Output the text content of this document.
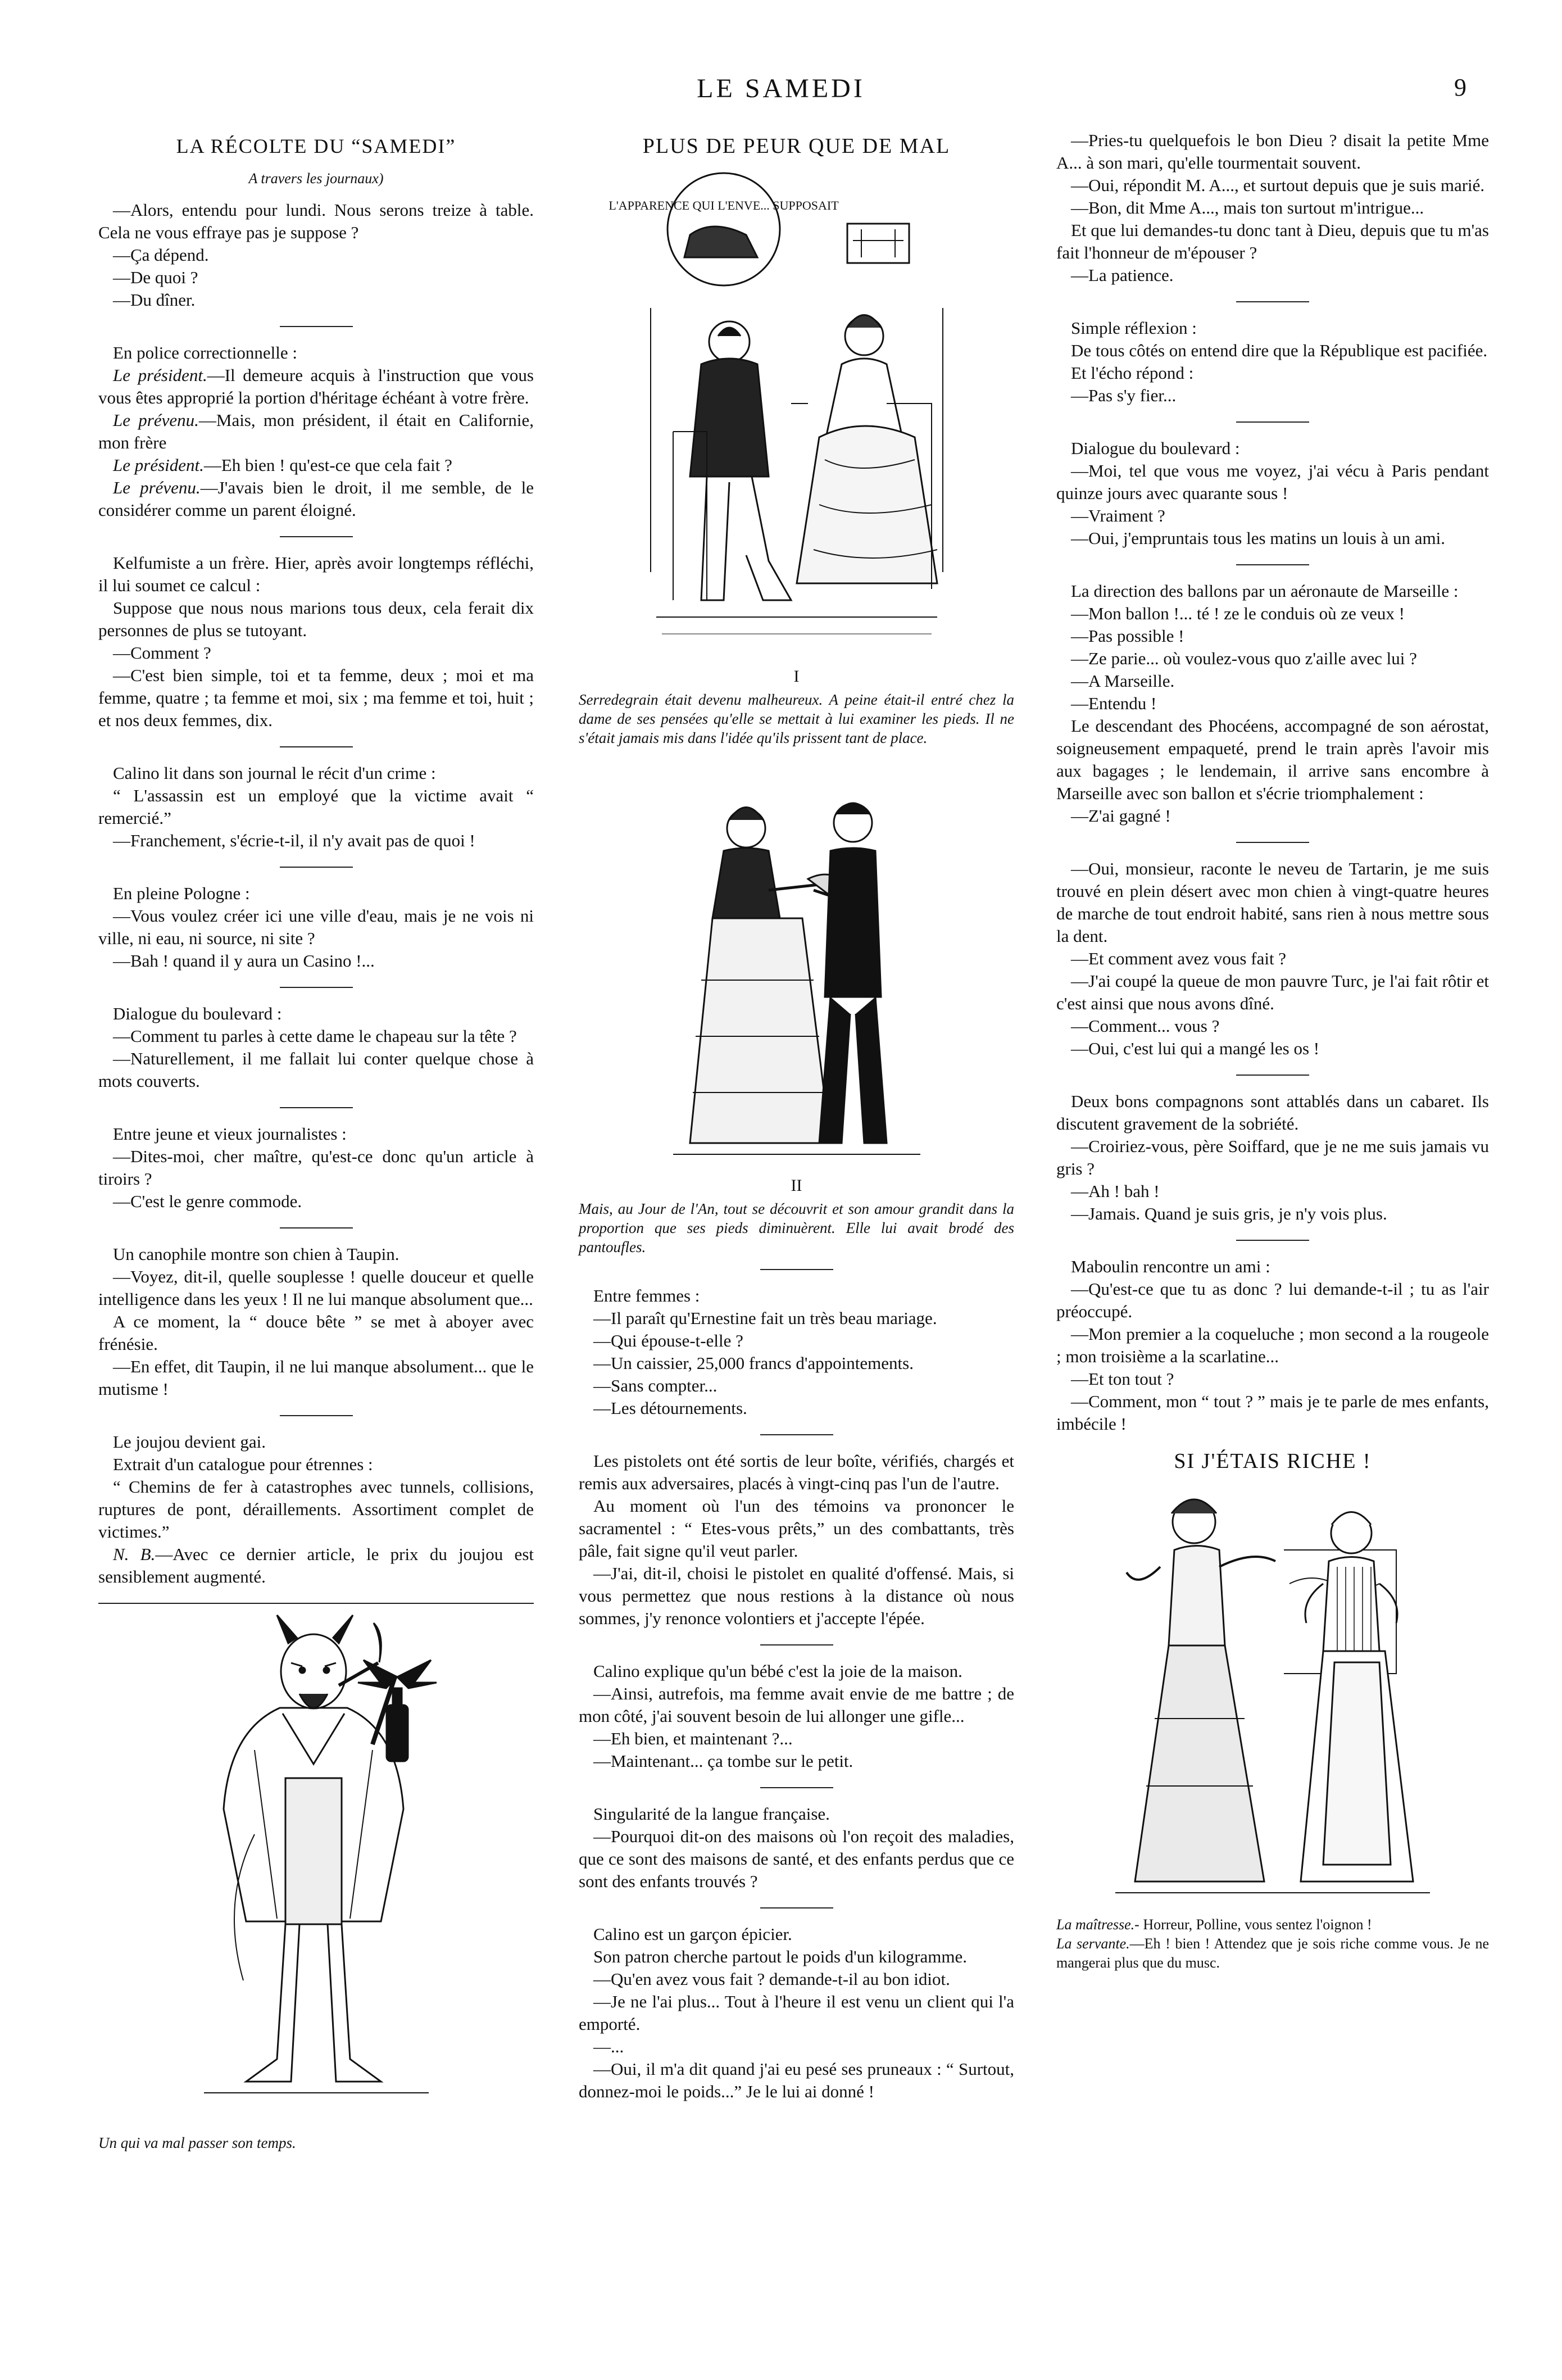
LE SAMEDI	9
LA RÉCOLTE DU “SAMEDI”
A travers les journaux)

—Alors, entendu pour lundi. Nous serons treize à table. Cela ne vous effraye pas je suppose ?

—Ça dépend.

—De quoi ?

—Du dîner.

En police correctionnelle :

Le président.—Il demeure acquis à l'instruction que vous vous êtes approprié la portion d'héritage échéant à votre frère.

Le prévenu.—Mais, mon président, il était en Californie, mon frère

Le président.—Eh bien ! qu'est-ce que cela fait ?

Le prévenu.—J'avais bien le droit, il me semble, de le considérer comme un parent éloigné.

Kelfumiste a un frère. Hier, après avoir longtemps réfléchi, il lui soumet ce calcul :

Suppose que nous nous marions tous deux, cela ferait dix personnes de plus se tutoyant.

—Comment ?

—C'est bien simple, toi et ta femme, deux ; moi et ma femme, quatre ; ta femme et moi, six ; ma femme et toi, huit ; et nos deux femmes, dix.

Calino lit dans son journal le récit d'un crime :

“ L'assassin est un employé que la victime avait “ remercié.”

—Franchement, s'écrie-t-il, il n'y avait pas de quoi !

En pleine Pologne :

—Vous voulez créer ici une ville d'eau, mais je ne vois ni ville, ni eau, ni source, ni site ?

—Bah ! quand il y aura un Casino !...

Dialogue du boulevard :

—Comment tu parles à cette dame le chapeau sur la tête ?

—Naturellement, il me fallait lui conter quelque chose à mots couverts.

Entre jeune et vieux journalistes :

—Dites-moi, cher maître, qu'est-ce donc qu'un article à tiroirs ?

—C'est le genre commode.

Un canophile montre son chien à Taupin.

—Voyez, dit-il, quelle souplesse ! quelle douceur et quelle intelligence dans les yeux ! Il ne lui manque absolument que...

A ce moment, la “ douce bête ” se met à aboyer avec frénésie.

—En effet, dit Taupin, il ne lui manque absolument... que le mutisme !

Le joujou devient gai.

Extrait d'un catalogue pour étrennes :

“ Chemins de fer à catastrophes avec tunnels, collisions, ruptures de pont, déraillements. Assortiment complet de victimes.”

N. B.—Avec ce dernier article, le prix du joujou est sensiblement augmenté.

Un qui va mal passer son temps.
PLUS DE PEUR QUE DE MAL
L'APPARENCE QUI L'ENVE... SUPPOSAIT
I
Serredegrain était devenu malheureux. A peine était-il entré chez la dame de ses pensées qu'elle se mettait à lui examiner les pieds. Il ne s'était jamais mis dans l'idée qu'ils prissent tant de place.
II
Mais, au Jour de l'An, tout se découvrit et son amour grandit dans la proportion que ses pieds diminuèrent. Elle lui avait brodé des pantoufles.

Entre femmes :

—Il paraît qu'Ernestine fait un très beau mariage.

—Qui épouse-t-elle ?

—Un caissier, 25,000 francs d'appointements.

—Sans compter...

—Les détournements.

Les pistolets ont été sortis de leur boîte, vérifiés, chargés et remis aux adversaires, placés à vingt-cinq pas l'un de l'autre.

Au moment où l'un des témoins va prononcer le sacramentel : “ Etes-vous prêts,” un des combattants, très pâle, fait signe qu'il veut parler.

—J'ai, dit-il, choisi le pistolet en qualité d'offensé. Mais, si vous permettez que nous restions à la distance où nous sommes, j'y renonce volontiers et j'accepte l'épée.

Calino explique qu'un bébé c'est la joie de la maison.

—Ainsi, autrefois, ma femme avait envie de me battre ; de mon côté, j'ai souvent besoin de lui allonger une gifle...

—Eh bien, et maintenant ?...

—Maintenant... ça tombe sur le petit.

Singularité de la langue française.

—Pourquoi dit-on des maisons où l'on reçoit des maladies, que ce sont des maisons de santé, et des enfants perdus que ce sont des enfants trouvés ?

Calino est un garçon épicier.

Son patron cherche partout le poids d'un kilogramme.

—Qu'en avez vous fait ? demande-t-il au bon idiot.

—Je ne l'ai plus... Tout à l'heure il est venu un client qui l'a emporté.

—...

—Oui, il m'a dit quand j'ai eu pesé ses pruneaux : “ Surtout, donnez-moi le poids...” Je le lui ai donné !

—Pries-tu quelquefois le bon Dieu ? disait la petite Mme A... à son mari, qu'elle tourmentait souvent.

—Oui, répondit M. A..., et surtout depuis que je suis marié.

—Bon, dit Mme A..., mais ton surtout m'intrigue...

Et que lui demandes-tu donc tant à Dieu, depuis que tu m'as fait l'honneur de m'épouser ?

—La patience.

Simple réflexion :

De tous côtés on entend dire que la République est pacifiée.

Et l'écho répond :

—Pas s'y fier...

Dialogue du boulevard :

—Moi, tel que vous me voyez, j'ai vécu à Paris pendant quinze jours avec quarante sous !

—Vraiment ?

—Oui, j'empruntais tous les matins un louis à un ami.

La direction des ballons par un aéronaute de Marseille :

—Mon ballon !... té ! ze le conduis où ze veux !

—Pas possible !

—Ze parie... où voulez-vous quo z'aille avec lui ?

—A Marseille.

—Entendu !

Le descendant des Phocéens, accompagné de son aérostat, soigneusement empaqueté, prend le train après l'avoir mis aux bagages ; le lendemain, il arrive sans encombre à Marseille avec son ballon et s'écrie triomphalement :

—Z'ai gagné !

—Oui, monsieur, raconte le neveu de Tartarin, je me suis trouvé en plein désert avec mon chien à vingt-quatre heures de marche de tout endroit habité, sans rien à nous mettre sous la dent.

—Et comment avez vous fait ?

—J'ai coupé la queue de mon pauvre Turc, je l'ai fait rôtir et c'est ainsi que nous avons dîné.

—Comment... vous ?

—Oui, c'est lui qui a mangé les os !

Deux bons compagnons sont attablés dans un cabaret. Ils discutent gravement de la sobriété.

—Croiriez-vous, père Soiffard, que je ne me suis jamais vu gris ?

—Ah ! bah !

—Jamais. Quand je suis gris, je n'y vois plus.

Maboulin rencontre un ami :

—Qu'est-ce que tu as donc ? lui demande-t-il ; tu as l'air préoccupé.

—Mon premier a la coqueluche ; mon second a la rougeole ; mon troisième a la scarlatine...

—Et ton tout ?

—Comment, mon “ tout ? ” mais je te parle de mes enfants, imbécile !

SI J'ÉTAIS RICHE !
La maîtresse.- Horreur, Polline, vous sentez l'oignon !
La servante.—Eh ! bien ! Attendez que je sois riche comme vous. Je ne mangerai plus que du musc.
